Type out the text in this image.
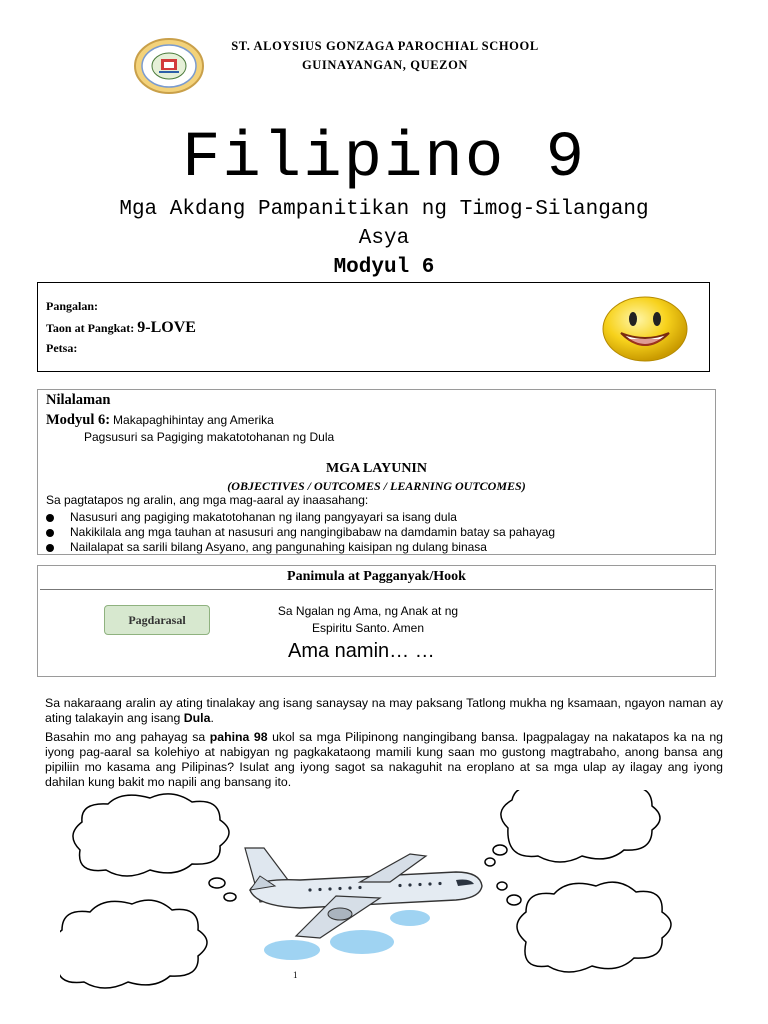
ST. ALOYSIUS GONZAGA PAROCHIAL SCHOOL
GUINAYANGAN, QUEZON
Filipino 9
Mga Akdang Pampanitikan ng Timog-Silangang
Asya
Modyul 6
Pangalan:
Taon at Pangkat: 9-LOVE
Petsa:
Nilalaman
Modyul 6: Makapaghihintay ang Amerika
Pagsusuri sa Pagiging makatotohanan ng Dula
MGA LAYUNIN
(OBJECTIVES / OUTCOMES / LEARNING OUTCOMES)
Sa pagtatapos ng aralin, ang mga mag-aaral ay inaasahang:
Nasusuri ang pagiging makatotohanan ng ilang pangyayari sa isang dula
Nakikilala ang mga tauhan at nasusuri ang nangingibabaw na damdamin batay sa pahayag
Nailalapat sa sarili bilang Asyano, ang pangunahing kaisipan ng dulang binasa
Panimula at Pagganyak/Hook
Pagdarasal
Sa Ngalan ng Ama, ng Anak at ng
Espiritu Santo. Amen
Ama namin… …
Sa nakaraang aralin ay ating tinalakay ang isang sanaysay na may paksang Tatlong mukha ng ksamaan, ngayon naman ay ating talakayin ang isang Dula.
Basahin mo ang pahayag sa pahina 98 ukol sa mga Pilipinong nangingibang bansa. Ipagpalagay na nakatapos ka na ng iyong pag-aaral sa kolehiyo at nabigyan ng pagkakataong mamili kung saan mo gustong magtrabaho, anong bansa ang pipiliin mo kasama ang Pilipinas? Isulat ang iyong sagot sa nakaguhit na eroplano at sa mga ulap ay ilagay ang iyong dahilan kung bakit mo napili ang bansang ito.
1
